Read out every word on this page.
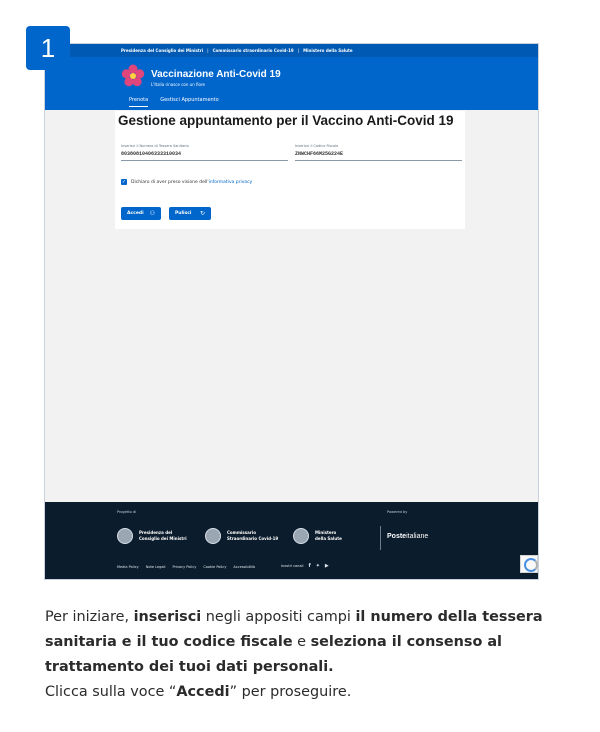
1	Presidenza del Consiglio dei Ministri | Commissario straordinario Covid-19 | Ministero della Salute
Vaccinazione Anti-Covid 19
L'Italia rinasce con un fiore
Prenota Gestisci Appuntamento
Gestione appuntamento per il Vaccino Anti-Covid 19
Inserisci il Numero di Tessera Sanitaria
80380810406333310034
Inserisci il Codice Fiscale
ZNWCHF66M25G224E
✓ Dichiaro di aver preso visione dell'informativa privacy
Accedi ⚇	Pulisci ↻
Progetto di	Powered by
Presidenza del
Consiglio dei Ministri
Commissario
Straordinario Covid-19
Ministero
della Salute	Posteitaliane
Media Policy Note Legali Privacy Policy Cookie Policy Accessibilità	Inostri canali f ✦ ▶
Per iniziare, inserisci negli appositi campi il numero della tessera sanitaria e il tuo codice fiscale e seleziona il consenso al trattamento dei tuoi dati personali.
Clicca sulla voce “Accedi” per proseguire.
